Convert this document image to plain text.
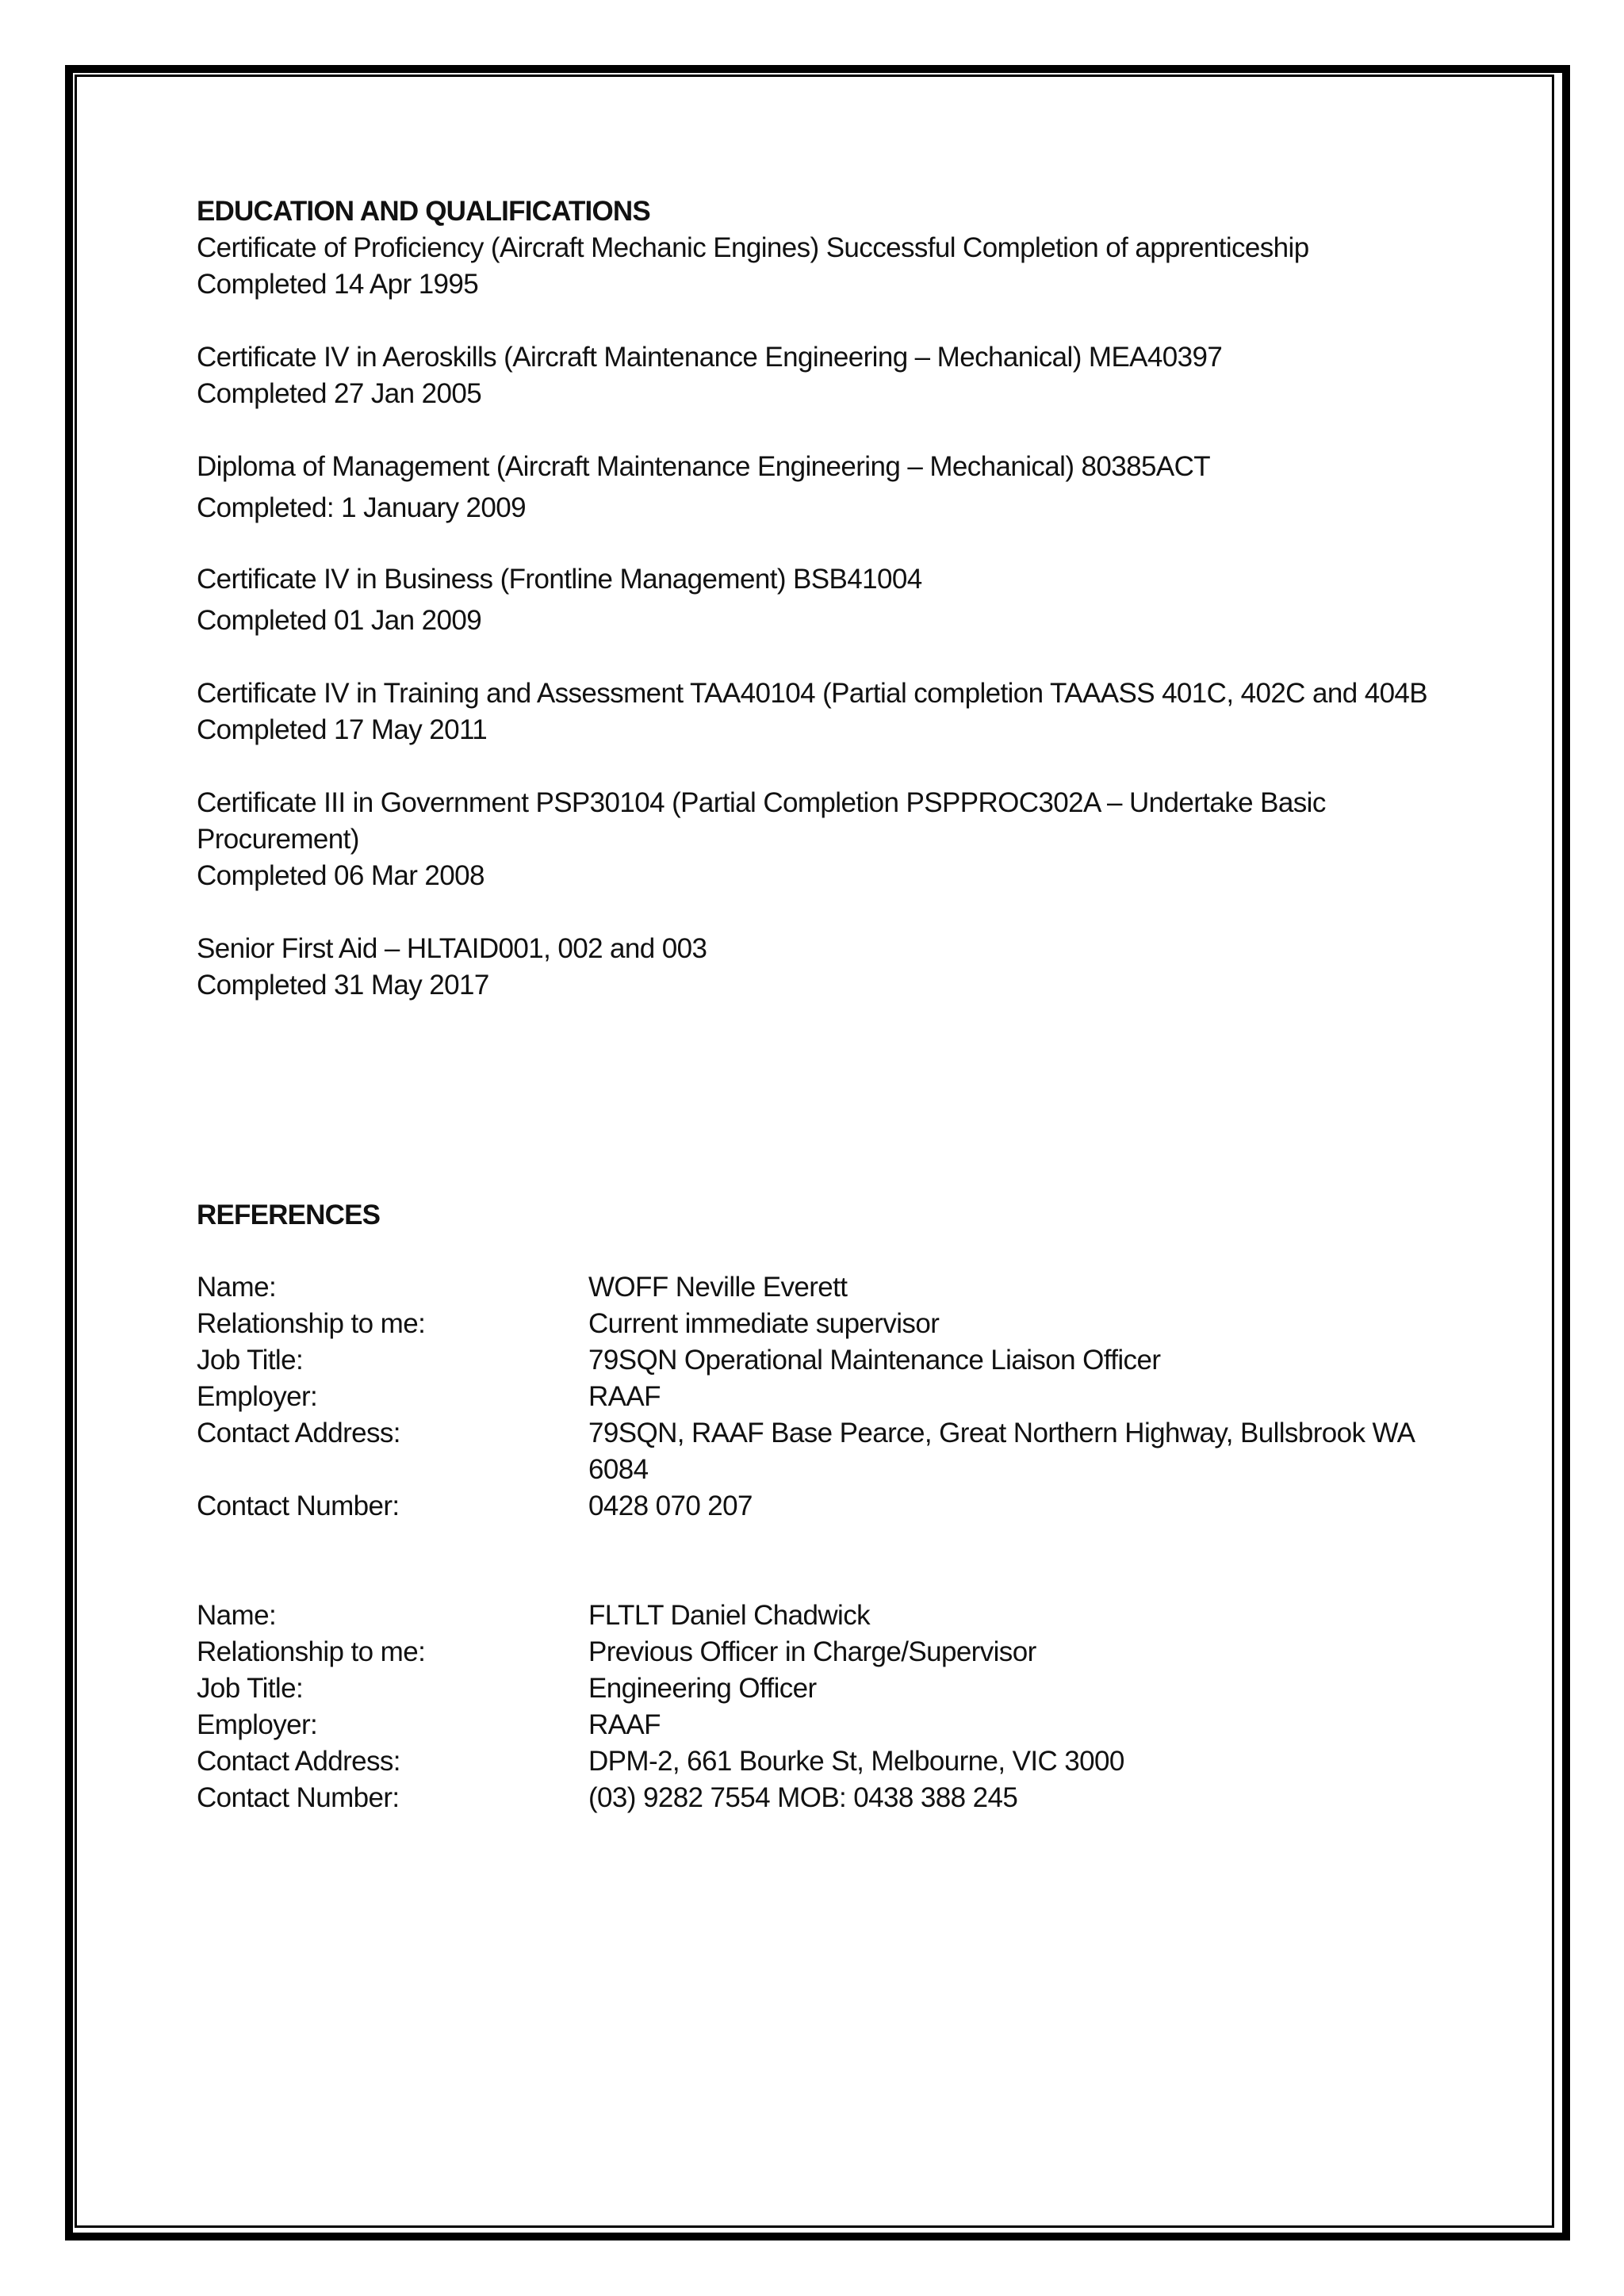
EDUCATION AND QUALIFICATIONS
Certificate of Proficiency (Aircraft Mechanic Engines) Successful Completion of apprenticeship
Completed 14 Apr 1995
Certificate IV in Aeroskills (Aircraft Maintenance Engineering – Mechanical) MEA40397
Completed 27 Jan 2005
Diploma of Management (Aircraft Maintenance Engineering – Mechanical) 80385ACT
Completed: 1 January 2009
Certificate IV in Business (Frontline Management) BSB41004
Completed 01 Jan 2009
Certificate IV in Training and Assessment TAA40104 (Partial completion TAAASS 401C, 402C and 404B
Completed 17 May 2011
Certificate III in Government PSP30104 (Partial Completion PSPPROC302A – Undertake Basic Procurement)
Completed 06 Mar 2008
Senior First Aid – HLTAID001, 002 and 003
Completed 31 May 2017
REFERENCES
Name:	WOFF Neville Everett
Relationship to me:	Current immediate supervisor
Job Title:	79SQN Operational Maintenance Liaison Officer
Employer:	RAAF
Contact Address:	79SQN, RAAF Base Pearce, Great Northern Highway, Bullsbrook WA 6084
Contact Number:	0428 070 207
Name:	FLTLT Daniel Chadwick
Relationship to me:	Previous Officer in Charge/Supervisor
Job Title:	Engineering Officer
Employer:	RAAF
Contact Address:	DPM-2, 661 Bourke St, Melbourne, VIC 3000
Contact Number:	(03) 9282 7554 MOB: 0438 388 245
